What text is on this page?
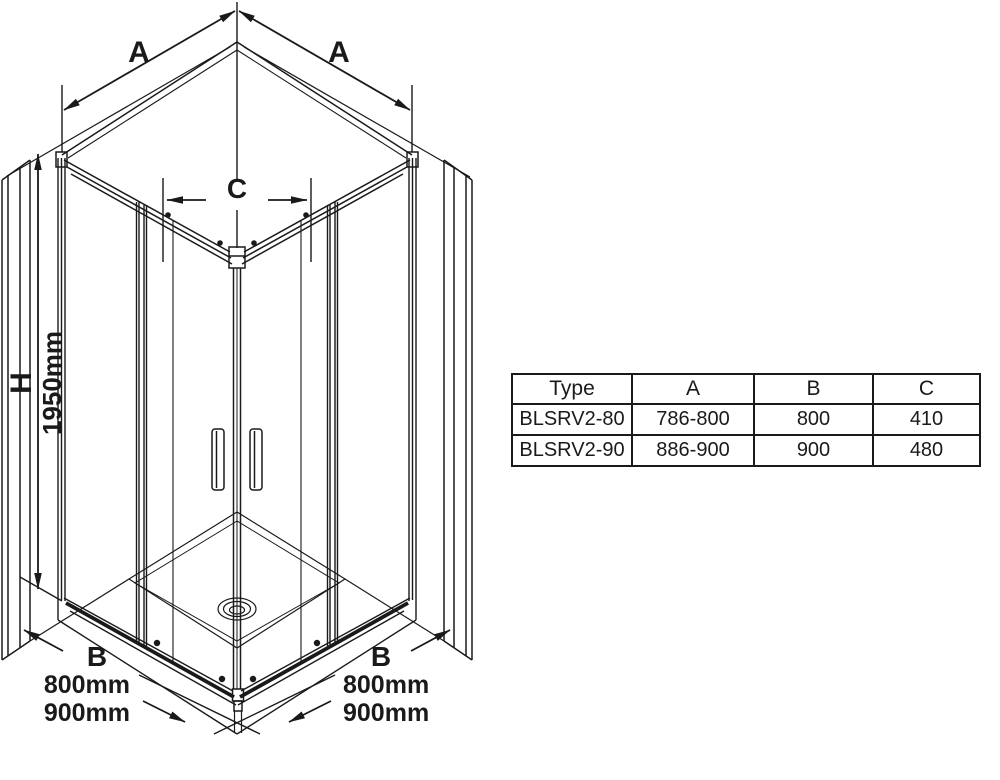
A	A
C
H 1950mm
B	B
800mm
900mm
800mm
900mm
Type	A	B	C
BLSRV2-80	786-800	800	410
BLSRV2-90	886-900	900	480
